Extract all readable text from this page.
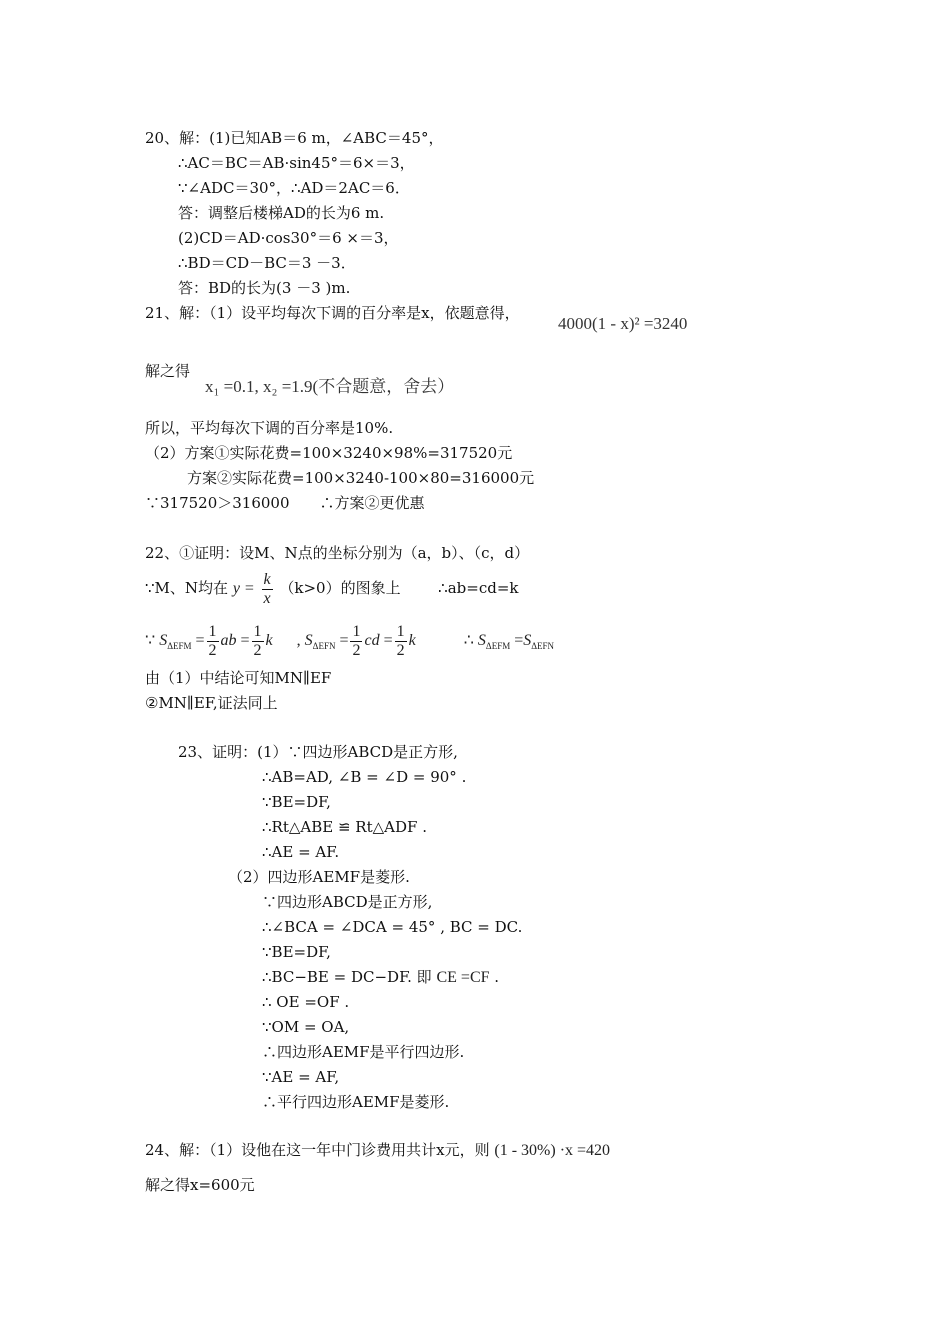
20、解：(1)已知AB＝6 m，∠ABC＝45°，
∴AC＝BC＝AB·sin45°＝6×＝3，
∵∠ADC＝30°，∴AD＝2AC＝6．
答：调整后楼梯AD的长为6 m.
(2)CD＝AD·cos30°＝6 ×＝3，
∴BD＝CD－BC＝3 －3．
答：BD的长为(3 －3 )m.
21、解：（1）设平均每次下调的百分率是x，依题意得，
4000(1 - x)² =3240
解之得
x₁ =0.1, x₂ =1.9(不合题意，舍去）
所以，平均每次下调的百分率是10%.
（2）方案①实际花费=100×3240×98%=317520元
方案②实际花费=100×3240-100×80=316000元
∵317520＞316000　　∴方案②更优惠
22、①证明：设M、N点的坐标分别为（a，b）、（c，d）
∵M、N均在 $y = \frac{k}{x} (k>0)$的图象上	∴ab=cd=k
∵ $S_{\Delta EFM} = \frac{1}{2}$ ab = $\frac{1}{2}$ k , $S_{\Delta EFN} = \frac{1}{2}$ cd = $\frac{1}{2}$ k	∴ $S_{\Delta EFM} =S_{\Delta EFN}$
由（1）中结论可知MN∥EF
②MN∥EF,证法同上
23、证明：(1）∵四边形ABCD是正方形,
∴AB=AD, ∠B = ∠D = 90° .
∵BE=DF,
∴Rt△ABE ≌ Rt△ADF .
∴AE = AF.
（2）四边形AEMF是菱形.
∵四边形ABCD是正方形,
∴∠BCA = ∠DCA = 45° , BC = DC.
∵BE=DF,
∴BC−BE = DC−DF. 即 CE =CF .
∴ OE =OF .
∵OM = OA,
∴四边形AEMF是平行四边形.
∵AE = AF,
∴平行四边形AEMF是菱形.
24、解：（1）设他在这一年中门诊费用共计x元，则 (1 - 30%) ·x =420
解之得x=600元
